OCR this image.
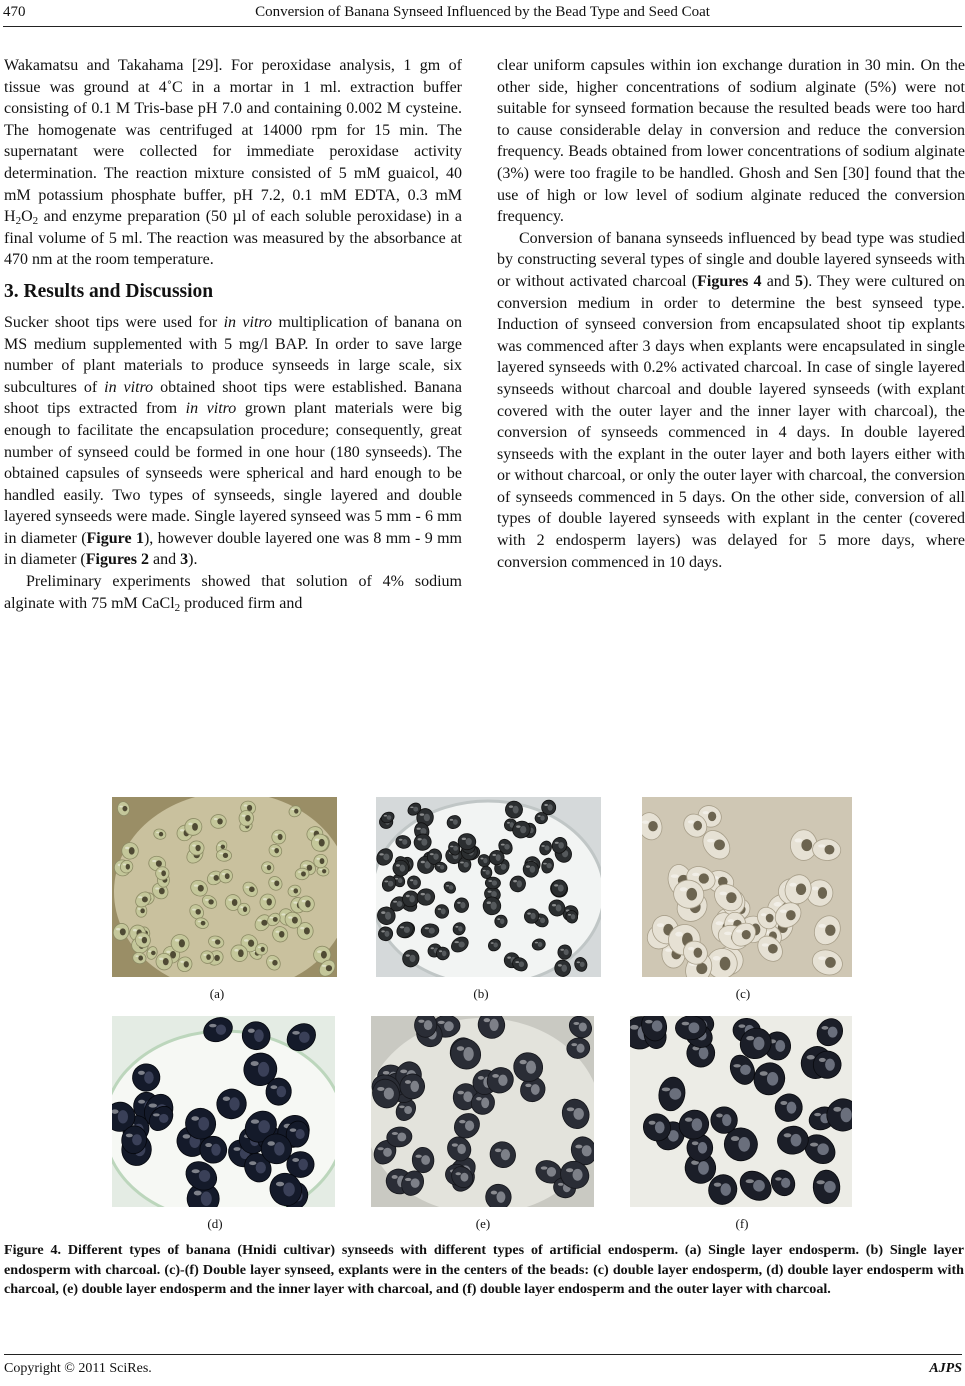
470	Conversion of Banana Synseed Influenced by the Bead Type and Seed Coat

Wakamatsu and Takahama [29]. For peroxidase analysis, 1 gm of tissue was ground at 4˚C in a mortar in 1 ml. extraction buffer consisting of 0.1 M Tris-base pH 7.0 and containing 0.002 M cysteine. The homogenate was centrifuged at 14000 rpm for 15 min. The supernatant were collected for immediate peroxidase activity determination. The reaction mixture consisted of 5 mM guaicol, 40 mM potassium phosphate buffer, pH 7.2, 0.1 mM EDTA, 0.3 mM $H_2O_2$ and enzyme preparation (50 µl of each soluble peroxidase) in a final volume of 5 ml. The reaction was measured by the absorbance at 470 nm at the room temperature.

3. Results and Discussion

Sucker shoot tips were used for in vitro multiplication of banana on MS medium supplemented with 5 mg/l BAP. In order to save large number of plant materials to produce synseeds in large scale, six subcultures of in vitro obtained shoot tips were established. Banana shoot tips extracted from in vitro grown plant materials were big enough to facilitate the encapsulation procedure; consequently, great number of synseed could be formed in one hour (180 synseeds). The obtained capsules of synseeds were spherical and hard enough to be handled easily. Two types of synseeds, single layered and double layered synseeds were made. Single layered synseed was 5 mm - 6 mm in diameter (Figure 1), however double layered one was 8 mm - 9 mm in diameter (Figures 2 and 3).

Preliminary experiments showed that solution of 4% sodium alginate with 75 mM CaCl$_2$ produced firm and

clear uniform capsules within ion exchange duration in 30 min. On the other side, higher concentrations of sodium alginate (5%) were not suitable for synseed formation because the resulted beads were too hard to cause considerable delay in conversion and reduce the conversion frequency. Beads obtained from lower concentrations of sodium alginate (3%) were too fragile to be handled. Ghosh and Sen [30] found that the use of high or low level of sodium alginate reduced the conversion frequency.

Conversion of banana synseeds influenced by bead type was studied by constructing several types of single and double layered synseeds with or without activated charcoal (Figures 4 and 5). They were cultured on conversion medium in order to determine the best synseed type. Induction of synseed conversion from encapsulated shoot tip explants was commenced after 3 days when explants were encapsulated in single layered synseeds with 0.2% activated charcoal. In case of single layered synseeds without charcoal and double layered synseeds (with explant covered with the outer layer and the inner layer with charcoal), the conversion of synseeds commenced in 4 days. In double layered synseeds with the explant in the outer layer and both layers either with or without charcoal, or only the outer layer with charcoal, the conversion of synseeds commenced in 5 days. On the other side, conversion of all types of double layered synseeds with explant in the center (covered with 2 endosperm layers) was delayed for 5 more days, where conversion commenced in 10 days.

(a)	(b)	(c)
(d)	(e)	(f)
Figure 4. Different types of banana (Hnidi cultivar) synseeds with different types of artificial endosperm. (a) Single layer endosperm. (b) Single layer endosperm with charcoal. (c)-(f) Double layer synseed, explants were in the centers of the beads: (c) double layer endosperm, (d) double layer endosperm with charcoal, (e) double layer endosperm and the inner layer with charcoal, and (f) double layer endosperm and the outer layer with charcoal.
Copyright © 2011 SciRes.	AJPS
